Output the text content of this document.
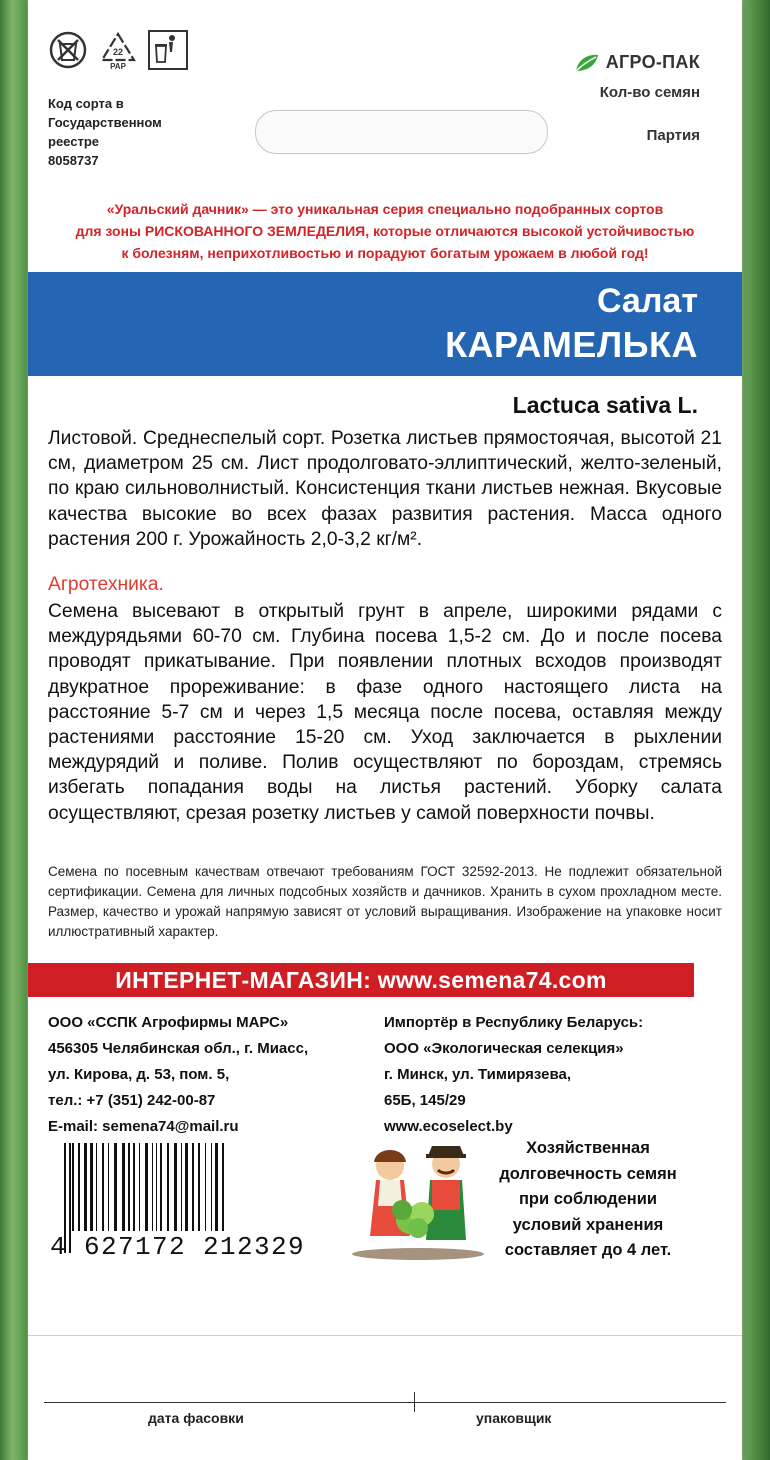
22
PAP
Код сорта в
Государственном
реестре
8058737
АГРО-ПАК
Кол-во семян
Партия
«Уральский дачник» — это уникальная серия специально подобранных сортов
для зоны РИСКОВАННОГО ЗЕМЛЕДЕЛИЯ, которые отличаются высокой устойчивостью
к болезням, неприхотливостью и порадуют богатым урожаем в любой год!
Салат
КАРАМЕЛЬКА
Lactuca sativa L.
Листовой. Среднеспелый сорт. Розетка листьев прямостоячая, высотой 21 см, диаметром 25 см. Лист продолговато-эллиптический, желто-зеленый, по краю сильноволнистый. Консистенция ткани листьев нежная. Вкусовые качества высокие во всех фазах развития растения. Масса одного растения 200 г. Урожайность 2,0-3,2 кг/м².
Агротехника.
Семена высевают в открытый грунт в апреле, широкими рядами с междурядьями 60-70 см. Глубина посева 1,5-2 см. До и после посева проводят прикатывание. При появлении плотных всходов производят двукратное прореживание: в фазе одного настоящего листа на расстояние 5-7 см и через 1,5 месяца после посева, оставляя между растениями расстояние 15-20 см. Уход заключается в рыхлении междурядий и поливе. Полив осуществляют по бороздам, стремясь избегать попадания воды на листья растений. Уборку салата осуществляют, срезая розетку листьев у самой поверхности почвы.
Семена по посевным качествам отвечают требованиям ГОСТ 32592-2013. Не подлежит обязательной сертификации. Семена для личных подсобных хозяйств и дачников. Хранить в сухом прохладном месте. Размер, качество и урожай напрямую зависят от условий выращивания. Изображение на упаковке носит иллюстративный характер.
ИНТЕРНЕТ-МАГАЗИН: www.semena74.com
ООО «ССПК Агрофирмы МАРС»
456305 Челябинская обл., г. Миасс,
ул. Кирова, д. 53, пом. 5,
тел.: +7 (351) 242-00-87
E-mail: semena74@mail.ru
Импортёр в Республику Беларусь:
ООО «Экологическая селекция»
г. Минск, ул. Тимирязева,
65Б, 145/29
www.ecoselect.by
4 627172 212329
Хозяйственная
долговечность семян
при соблюдении
условий хранения
составляет до 4 лет.
дата фасовки	упаковщик
